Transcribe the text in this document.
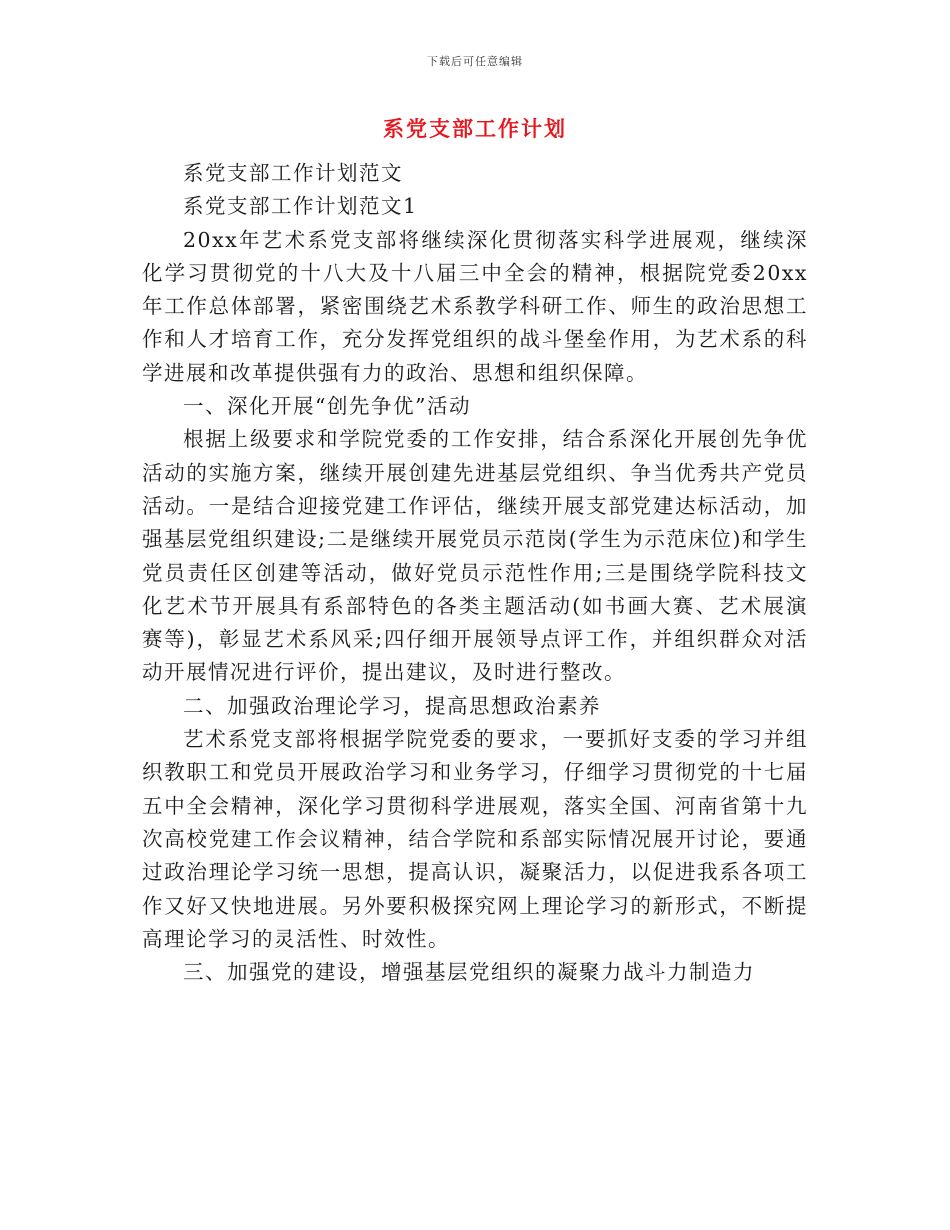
下载后可任意编辑
系党支部工作计划

系党支部工作计划范文

系党支部工作计划范文1

20xx年艺术系党支部将继续深化贯彻落实科学进展观，继续深化学习贯彻党的十八大及十八届三中全会的精神，根据院党委20xx年工作总体部署，紧密围绕艺术系教学科研工作、师生的政治思想工作和人才培育工作，充分发挥党组织的战斗堡垒作用，为艺术系的科学进展和改革提供强有力的政治、思想和组织保障。

一、深化开展“创先争优”活动

根据上级要求和学院党委的工作安排，结合系深化开展创先争优活动的实施方案，继续开展创建先进基层党组织、争当优秀共产党员活动。一是结合迎接党建工作评估，继续开展支部党建达标活动，加强基层党组织建设;二是继续开展党员示范岗(学生为示范床位)和学生党员责任区创建等活动，做好党员示范性作用;三是围绕学院科技文化艺术节开展具有系部特色的各类主题活动(如书画大赛、艺术展演赛等)，彰显艺术系风采;四仔细开展领导点评工作，并组织群众对活动开展情况进行评价，提出建议，及时进行整改。

二、加强政治理论学习，提高思想政治素养

艺术系党支部将根据学院党委的要求，一要抓好支委的学习并组织教职工和党员开展政治学习和业务学习，仔细学习贯彻党的十七届五中全会精神，深化学习贯彻科学进展观，落实全国、河南省第十九次高校党建工作会议精神，结合学院和系部实际情况展开讨论，要通过政治理论学习统一思想，提高认识，凝聚活力，以促进我系各项工作又好又快地进展。另外要积极探究网上理论学习的新形式，不断提高理论学习的灵活性、时效性。

三、加强党的建设，增强基层党组织的凝聚力战斗力制造力
